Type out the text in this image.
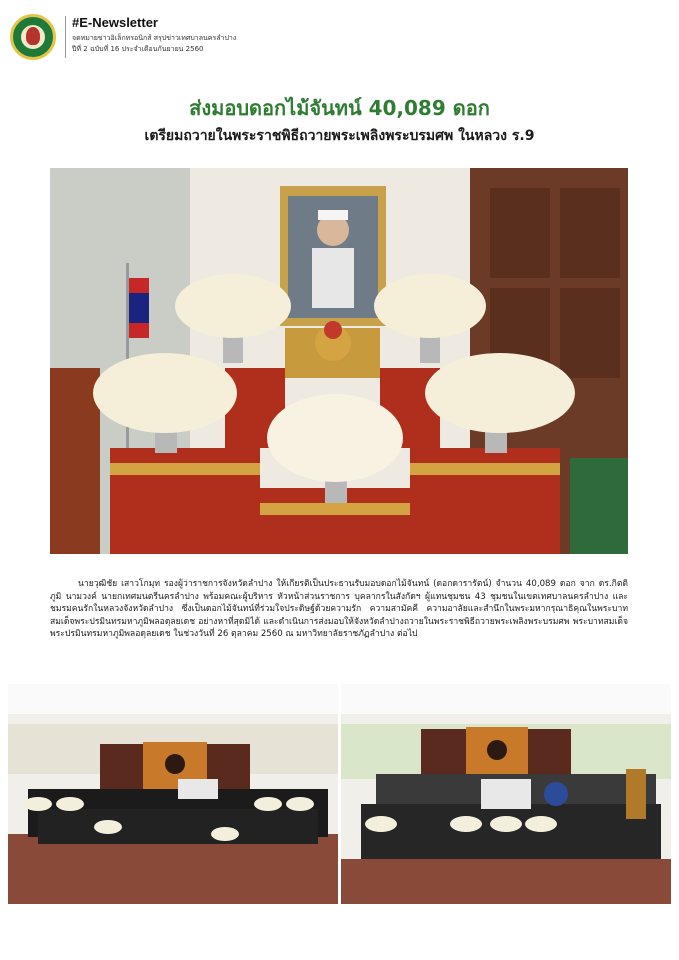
#E-Newsletter
จดหมายข่าวอิเล็กทรอนิกส์ สรุปข่าวเทศบาลนครลำปาง
ปีที่ 2 ฉบับที่ 16 ประจำเดือนกันยายน 2560
ส่งมอบดอกไม้จันทน์ 40,089 ดอก
เตรียมถวายในพระราชพิธีถวายพระเพลิงพระบรมศพ ในหลวง ร.9
นายวุฒิชัย เสาวโกมุท รองผู้ว่าราชการจังหวัดลำปาง ให้เกียรติเป็นประธานรับมอบดอกไม้จันทน์ (ดอกดารารัตน์) จำนวน 40,089 ดอก จาก ดร.กิตติภูมิ นามวงค์ นายกเทศมนตรีนครลำปาง พร้อมคณะผู้บริหาร หัวหน้าส่วนราชการ บุคลากรในสังกัดฯ ผู้แทนชุมชน 43 ชุมชนในเขตเทศบาลนครลำปาง และชมรมคนรักในหลวงจังหวัดลำปาง ซึ่งเป็นดอกไม้จันทน์ที่ร่วมใจประดิษฐ์ด้วยความรัก ความสามัคคี ความอาลัยและสำนึกในพระมหากรุณาธิคุณในพระบาทสมเด็จพระปรมินทรมหาภูมิพลอดุลยเดช อย่างหาที่สุดมิได้ และดำเนินการส่งมอบให้จังหวัดลำปางถวายในพระราชพิธีถวายพระเพลิงพระบรมศพ พระบาทสมเด็จพระปรมินทรมหาภูมิพลอดุลยเดช ในช่วงวันที่ 26 ตุลาคม 2560 ณ มหาวิทยาลัยราชภัฏลำปาง ต่อไป
